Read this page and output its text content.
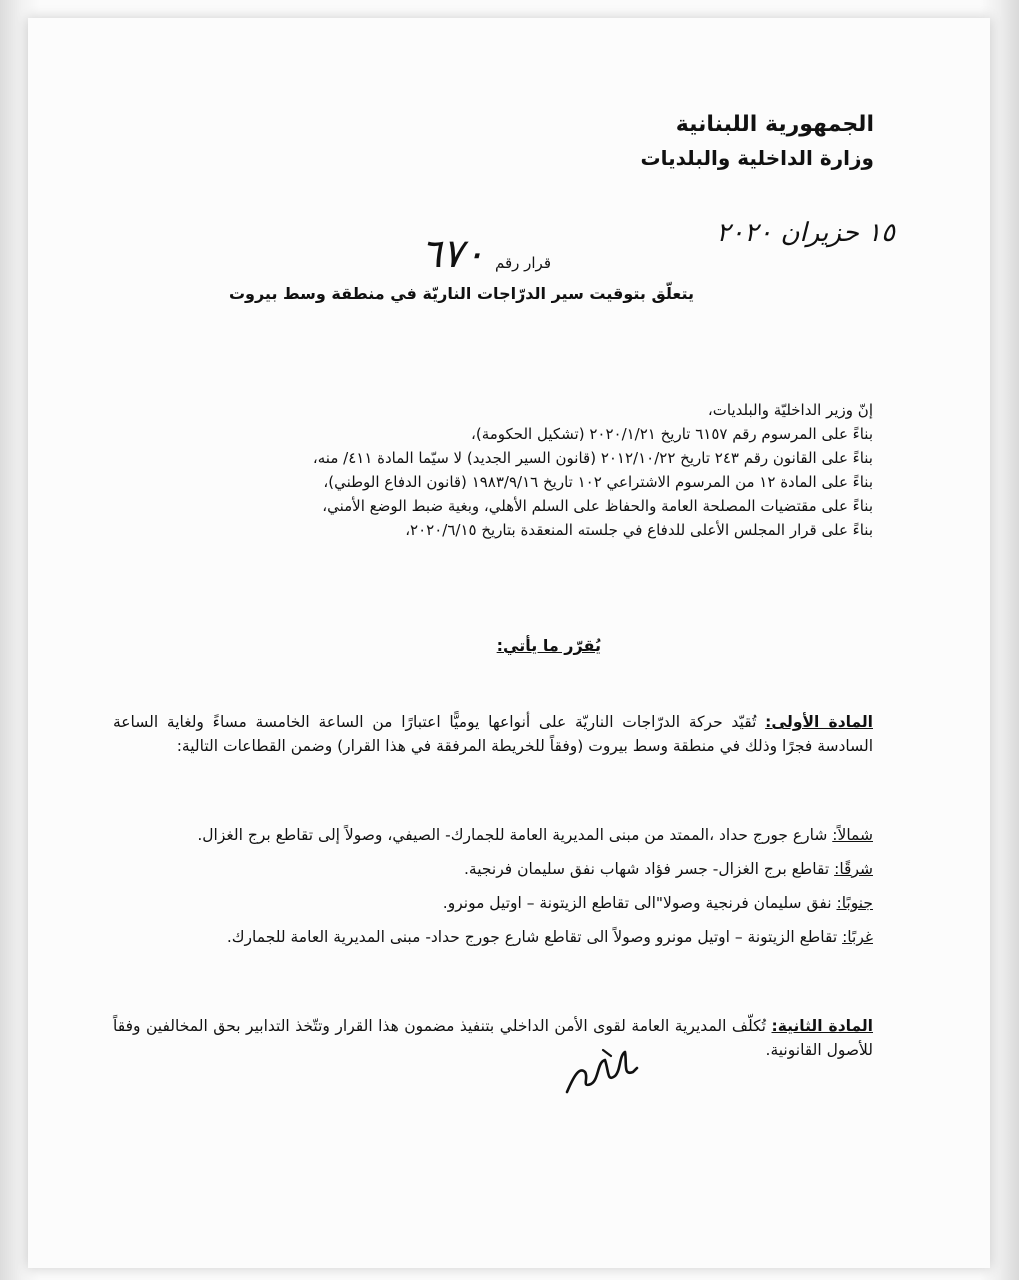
الجمهورية اللبنانية
وزارة الداخلية والبلديات
١٥ حزيران ٢٠٢٠
قرار رقم
٦٧٠
يتعلّق بتوقيت سير الدرّاجات الناريّة في منطقة وسط بيروت
إنّ وزير الداخليّة والبلديات،
بناءً على المرسوم رقم ٦١٥٧ تاريخ ٢٠٢٠/١/٢١ (تشكيل الحكومة)،
بناءً على القانون رقم ٢٤٣ تاريخ ٢٠١٢/١٠/٢٢ (قانون السير الجديد) لا سيّما المادة ٤١١/ منه،
بناءً على المادة ١٢ من المرسوم الاشتراعي ١٠٢ تاريخ ١٩٨٣/٩/١٦ (قانون الدفاع الوطني)،
بناءً على مقتضيات المصلحة العامة والحفاظ على السلم الأهلي، وبغية ضبط الوضع الأمني،
بناءً على قرار المجلس الأعلى للدفاع في جلسته المنعقدة بتاريخ ٢٠٢٠/٦/١٥،
يُقرّر ما يأتي:
المادة الأولى: تُقيّد حركة الدرّاجات الناريّة على أنواعها يوميًّا اعتبارًا من الساعة الخامسة مساءً ولغاية الساعة السادسة فجرًا وذلك في منطقة وسط بيروت (وفقاً للخريطة المرفقة في هذا القرار) وضمن القطاعات التالية:
شمالاً: شارع جورج حداد ،الممتد من مبنى المديرية العامة للجمارك- الصيفي، وصولاً إلى تقاطع برج الغزال.
شرقًا: تقاطع برج الغزال- جسر فؤاد شهاب نفق سليمان فرنجية.
جنوبًا: نفق سليمان فرنجية وصولا"الى تقاطع الزيتونة – اوتيل مونرو.
غربًا: تقاطع الزيتونة – اوتيل مونرو وصولاً الى تقاطع شارع جورج حداد- مبنى المديرية العامة للجمارك.
المادة الثانية: تُكلّف المديرية العامة لقوى الأمن الداخلي بتنفيذ مضمون هذا القرار وتتّخذ التدابير بحق المخالفين وفقاً للأصول القانونية.
